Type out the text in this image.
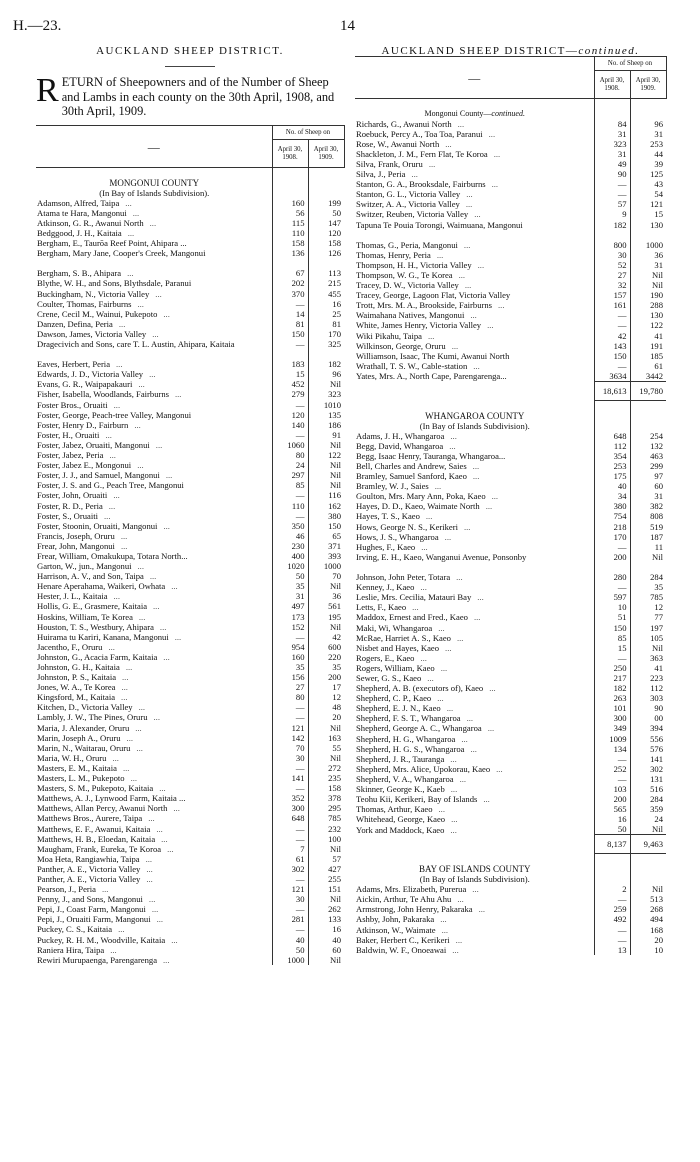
H.—23.	14
AUCKLAND SHEEP DISTRICT.
RETURN of Sheepowners and of the Number of Sheep and Lambs in each county on the 30th April, 1908, and 30th April, 1909.
—	No. of Sheep on	
	April 30, 1908.	April 30, 1909.

MONGONUI COUNTY		
(In Bay of Islands Subdivision).		
Adamson, Alfred, Taipa ...	160	199
Atama te Hara, Mangonui ...	56	50
Atkinson, G. R., Awanui North ...	115	147
Bedggood, J. H., Kaitaia ...	110	120
Bergham, E., Taurōa Reef Point, Ahipara ...	158	158
Bergham, Mary Jane, Cooper's Creek, Mangonui	136	126
Bergham, S. B., Ahipara ...	67	113
Blythe, W. H., and Sons, Blythsdale, Paranui	202	215
Buckingham, N., Victoria Valley ...	370	455
Coulter, Thomas, Fairburns ...	—	16
Crene, Cecil M., Wainui, Pukepoto ...	14	25
Danzen, Defina, Peria ...	81	81
Dawson, James, Victoria Valley ...	150	170
Dragecivich and Sons, care T. L. Austin, Ahipara, Kaitaia	—	325
Eaves, Herbert, Peria ...	183	182
Edwards, J. D., Victoria Valley ...	15	96
Evans, G. R., Waipapakauri ...	452	Nil
Fisher, Isabella, Woodlands, Fairburns ...	279	323
Foster Bros., Oruaiti ...	—	1010
Foster, George, Peach-tree Valley, Mangonui	120	135
Foster, Henry D., Fairburn ...	140	186
Foster, H., Oruaiti ...	—	91
Foster, Jabez, Oruaiti, Mangonui ...	1060	Nil
Foster, Jabez, Peria ...	80	122
Foster, Jabez E., Mongonui ...	24	Nil
Foster, J. J., and Samuel, Mangonui ...	297	Nil
Foster, J. S. and G., Peach Tree, Mangonui	85	Nil
Foster, John, Oruaiti ...	—	116
Foster, R. D., Peria ...	110	162
Foster, S., Oruaiti ...	—	380
Foster, Stoonin, Oruaiti, Mangonui ...	350	150
Francis, Joseph, Oruru ...	46	65
Frear, John, Mangonui ...	230	371
Frear, William, Omakukupa, Totara North...	400	393
Garton, W., jun., Mangonui ...	1020	1000
Harrison, A. V., and Son, Taipa ...	50	70
Henare Aperahama, Waikeri, Owhata ...	35	Nil
Hester, J. L., Kaitaia ...	31	36
Hollis, G. E., Grasmere, Kaitaia ...	497	561
Hoskins, William, Te Korea ...	173	195
Houston, T. S., Westbury, Ahipara ...	152	Nil
Huirama tu Kariri, Kanana, Mangonui ...	—	42
Jacentho, F., Oruru ...	954	600
Johnston, G., Acacia Farm, Kaitaia ...	160	220
Johnston, G. H., Kaitaia ...	35	35
Johnston, P. S., Kaitaia ...	156	200
Jones, W. A., Te Korea ...	27	17
Kingsford, M., Kaitaia ...	80	12
Kitchen, D., Victoria Valley ...	—	48
Lambly, J. W., The Pines, Oruru ...	—	20
Maria, J. Alexander, Oruru ...	121	Nil
Marin, Joseph A., Oruru ...	142	163
Marin, N., Waitarau, Oruru ...	70	55
Maria, W. H., Oruru ...	30	Nil
Masters, E. M., Kaitaia ...	—	272
Masters, L. M., Pukepoto ...	141	235
Masters, S. M., Pukepoto, Kaitaia ...	—	158
Matthews, A. J., Lynwood Farm, Kaitaia ...	352	378
Matthews, Allan Percy, Awanui North ...	300	295
Matthews Bros., Aurere, Taipa ...	648	785
Matthews, E. F., Awanui, Kaitaia ...	—	232
Matthews, H. B., Eloedan, Kaitaia ...	—	100
Maugham, Frank, Eureka, Te Koroa ...	7	Nil
Moa Heta, Rangiawhia, Taipa ...	61	57
Panther, A. E., Victoria Valley ...	302	427
Panther, A. E., Victoria Valley ...	—	255
Pearson, J., Peria ...	121	151
Penny, J., and Sons, Mangonui ...	30	Nil
Pepi, J., Coast Farm, Mangonui ...	—	262
Pepi, J., Oruaiti Farm, Mangonui ...	281	133
Puckey, C. S., Kaitaia ...	—	16
Puckey, R. H. M., Woodville, Kaitaia ...	40	40
Raniera Hira, Taipa ...	50	60
Rewiri Murupaenga, Parengarenga ...	1000	Nil
AUCKLAND SHEEP DISTRICT—continued.
—	No. of Sheep on	
	April 30, 1908.	April 30, 1909.

Mongonui County—continued.		
Richards, G., Awanui North ...	84	96
Roebuck, Percy A., Toa Toa, Paranui ...	31	31
Rose, W., Awanui North ...	323	253
Shackleton, J. M., Fern Flat, Te Koroa ...	31	44
Silva, Frank, Oruru ...	49	39
Silva, J., Peria ...	90	125
Stanton, G. A., Brooksdale, Fairburns ...	—	43
Stanton, G. L., Victoria Valley ...	—	54
Switzer, A. A., Victoria Valley ...	57	121
Switzer, Reuben, Victoria Valley ...	9	15
Tapuna Te Pouia Torongi, Waimuana, Mangonui	182	130
Thomas, G., Peria, Mangonui ...	800	1000
Thomas, Henry, Peria ...	30	36
Thompson, H. H., Victoria Valley ...	52	31
Thompson, W. G., Te Korea ...	27	Nil
Tracey, D. W., Victoria Valley ...	32	Nil
Tracey, George, Lagoon Flat, Victoria Valley	157	190
Trott, Mrs. M. A., Brookside, Fairburns ...	161	288
Waimahana Natives, Mangonui ...	—	130
White, James Henry, Victoria Valley ...	—	122
Wiki Pikahu, Taipa ...	42	41
Wilkinson, George, Oruru ...	143	191
Williamson, Isaac, The Kumi, Awanui North	150	185
Wrathall, T. S. W., Cable-station ...	—	61
Yates, Mrs. A., North Cape, Parengarenga...	3634	3442
	18,613	19,780

WHANGAROA COUNTY		
(In Bay of Islands Subdivision).		
Adams, J. H., Whangaroa ...	648	254
Begg, David, Whangaroa ...	112	132
Begg, Isaac Henry, Tauranga, Whangaroa...	354	463
Bell, Charles and Andrew, Saies ...	253	299
Bramley, Samuel Sanford, Kaeo ...	175	97
Bramley, W. J., Saies ...	40	60
Goulton, Mrs. Mary Ann, Poka, Kaeo ...	34	31
Hayes, D. D., Kaeo, Waimate North ...	380	382
Hayes, T. S., Kaeo ...	754	808
Hows, George N. S., Kerikeri ...	218	519
Hows, J. S., Whangaroa ...	170	187
Hughes, F., Kaeo ...	—	11
Irving, E. H., Kaeo, Wanganui Avenue, Ponsonby	200	Nil
Johnson, John Peter, Totara ...	280	284
Kenney, J., Kaeo ...	—	35
Leslie, Mrs. Cecilia, Matauri Bay ...	597	785
Letts, F., Kaeo ...	10	12
Maddox, Ernest and Fred., Kaeo ...	51	77
Maki, Wi, Whangaroa ...	150	197
McRae, Harriet A. S., Kaeo ...	85	105
Nisbet and Hayes, Kaeo ...	15	Nil
Rogers, E., Kaeo ...	—	363
Rogers, William, Kaeo ...	250	41
Sewer, G. S., Kaeo ...	217	223
Shepherd, A. B. (executors of), Kaeo ...	182	112
Shepherd, C. P., Kaeo ...	263	303
Shepherd, E. J. N., Kaeo ...	101	90
Shepherd, F. S. T., Whangaroa ...	300	00
Shepherd, George A. C., Whangaroa ...	349	394
Shepherd, H. G., Whangaroa ...	1009	556
Shepherd, H. G. S., Whangaroa ...	134	576
Shepherd, J. R., Tauranga ...	—	141
Shepherd, Mrs. Alice, Upokorau, Kaeo ...	252	302
Shepherd, V. A., Whangaroa ...	—	131
Skinner, George K., Kaeb ...	103	516
Teohu Kii, Kerikeri, Bay of Islands ...	200	284
Thomas, Arthur, Kaeo ...	565	359
Whitehead, George, Kaeo ...	16	24
York and Maddock, Kaeo ...	50	Nil
	8,137	9,463

BAY OF ISLANDS COUNTY		
(In Bay of Islands Subdivision).		
Adams, Mrs. Elizabeth, Purerua ...	2	Nil
Aickin, Arthur, Te Ahu Ahu ...	—	513
Armstrong, John Henry, Pakaraka ...	259	268
Ashby, John, Pakaraka ...	492	494
Atkinson, W., Waimate ...	—	168
Baker, Herbert C., Kerikeri ...	—	20
Baldwin, W. F., Onoeawai ...	13	10
